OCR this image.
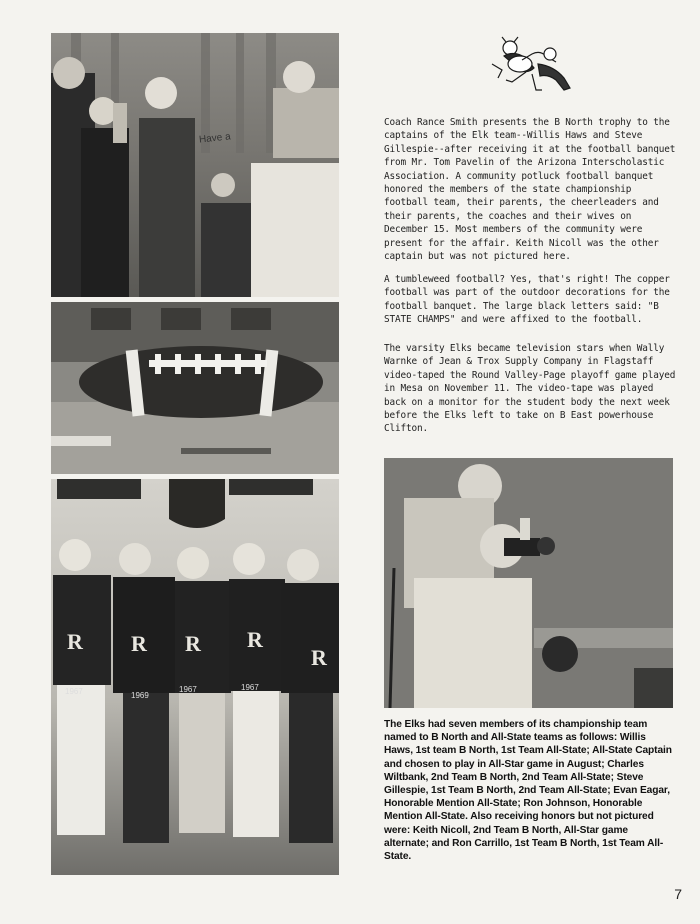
Have a
R R R R
R
1967	1969
1967	1967

Coach Rance Smith presents the B North trophy to the captains of the Elk team--Willis Haws and Steve Gillespie--after receiving it at the football banquet from Mr. Tom Pavelin of the Arizona Interscholastic Association. A community potluck football banquet honored the members of the state championship football team, their parents, the cheerleaders and their parents, the coaches and their wives on December 15. Most members of the community were present for the affair. Keith Nicoll was the other captain but was not pictured here.

A tumbleweed football? Yes, that's right! The copper football was part of the outdoor decorations for the football banquet. The large black letters said: "B STATE CHAMPS" and were affixed to the football.

The varsity Elks became television stars when Wally Warnke of Jean & Trox Supply Company in Flagstaff video-taped the Round Valley-Page playoff game played in Mesa on November 11. The video-tape was played back on a monitor for the student body the next week before the Elks left to take on B East powerhouse Clifton.

The Elks had seven members of its championship team named to B North and All-State teams as follows: Willis Haws, 1st team B North, 1st Team All-State; All-State Captain and chosen to play in All-Star game in August; Charles Wiltbank, 2nd Team B North, 2nd Team All-State; Steve Gillespie, 1st Team B North, 2nd Team All-State; Evan Eagar, Honorable Mention All-State; Ron Johnson, Honorable Mention All-State. Also receiving honors but not pictured were: Keith Nicoll, 2nd Team B North, All-Star game alternate; and Ron Carrillo, 1st Team B North, 1st Team All-State.

7
